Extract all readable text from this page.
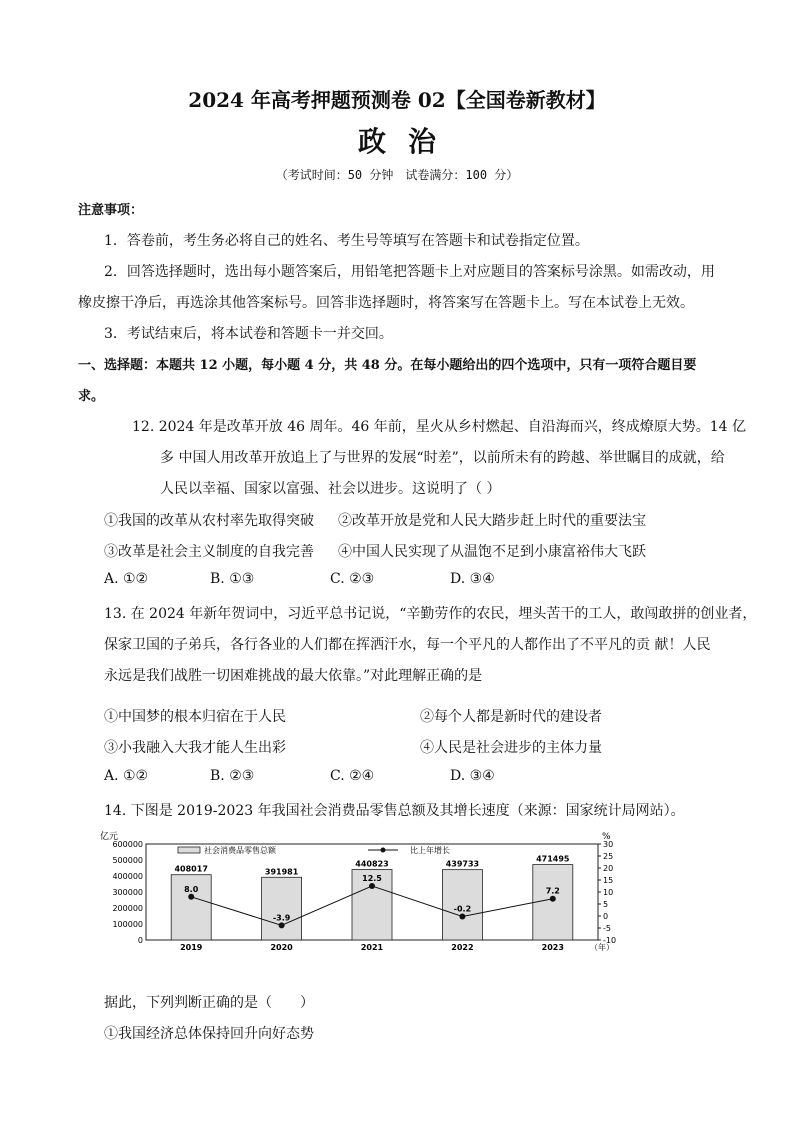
2024 年高考押题预测卷 02【全国卷新教材】
政治
（考试时间：50 分钟　试卷满分：100 分）
注意事项：
1．答卷前，考生务必将自己的姓名、考生号等填写在答题卡和试卷指定位置。
2．回答选择题时，选出每小题答案后，用铅笔把答题卡上对应题目的答案标号涂黑。如需改动，用
橡皮擦干净后，再选涂其他答案标号。回答非选择题时，将答案写在答题卡上。写在本试卷上无效。
3．考试结束后，将本试卷和答题卡一并交回。
一、选择题：本题共 12 小题，每小题 4 分，共 48 分。在每小题给出的四个选项中，只有一项符合题目要
求。
12. 2024 年是改革开放 46 周年。46 年前，星火从乡村燃起、自沿海而兴，终成燎原大势。14 亿
多 中国人用改革开放追上了与世界的发展“时差”，以前所未有的跨越、举世瞩目的成就，给
人民以幸福、国家以富强、社会以进步。这说明了（ ）
①我国的改革从农村率先取得突破 ②改革开放是党和人民大踏步赶上时代的重要法宝
③改革是社会主义制度的自我完善 ④中国人民实现了从温饱不足到小康富裕伟大飞跃
A. ①②	B. ①③	C. ②③	D. ③④
13. 在 2024 年新年贺词中，习近平总书记说，“辛勤劳作的农民，埋头苦干的工人，敢闯敢拼的创业者，
保家卫国的子弟兵，各行各业的人们都在挥洒汗水，每一个平凡的人都作出了不平凡的贡 献！人民
永远是我们战胜一切困难挑战的最大依靠。”对此理解正确的是
①中国梦的根本归宿在于人民	②每个人都是新时代的建设者
③小我融入大我才能人生出彩	④人民是社会进步的主体力量
A. ①②	B. ②③	C. ②④	D. ③④
14. 下图是 2019-2023 年我国社会消费品零售总额及其增长速度（来源：国家统计局网站）。
亿元	%
600000
500000
400000
300000
200000
100000
0
30
25
20
15
10
5
0
-5
-10
社会消费品零售总额	比上年增长
408017
2019
391981
2020
440823
2021
439733
2022
471495
2023	（年）
8.0
-3.9
12.5
-0.2
7.2
据此，下列判断正确的是（　　）
①我国经济总体保持回升向好态势
